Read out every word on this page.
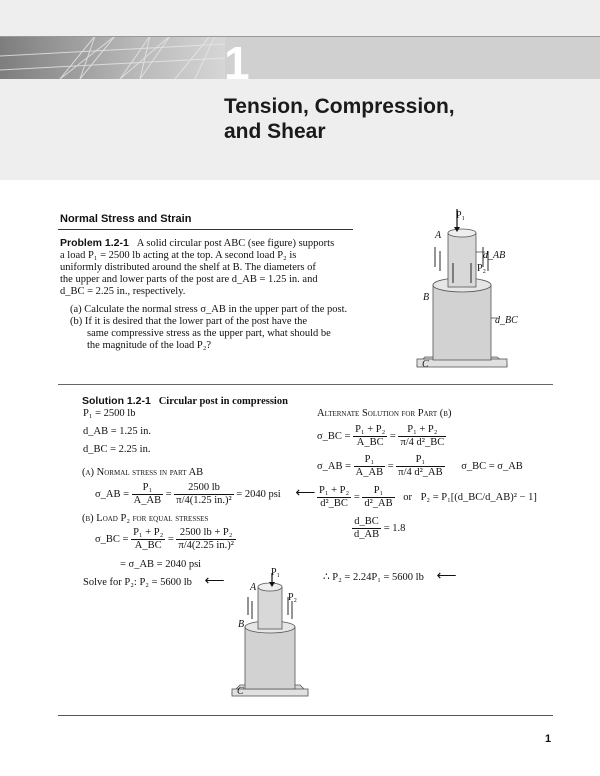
1
Tension, Compression,
and Shear
Normal Stress and Strain
Problem 1.2-1 A solid circular post ABC (see figure) supports
a load P₁ = 2500 lb acting at the top. A second load P₂ is
uniformly distributed around the shelf at B. The diameters of
the upper and lower parts of the post are d_AB = 1.25 in. and
d_BC = 2.25 in., respectively.
(a) Calculate the normal stress σ_AB in the upper part of the post.
(b) If it is desired that the lower part of the post have the
same compressive stress as the upper part, what should be
the magnitude of the load P₂?
P₁
A
d_AB
P₂
B
d_BC
C
Solution 1.2-1 Circular post in compression
P₁ = 2500 lb
d_AB = 1.25 in.
d_BC = 2.25 in.
(a) Normal stress in part AB
σ_AB = $\frac{\text{P₁}}{A\_AB} = \frac{2500 lb}{\text{π/4(1.25 in.)²}} = 2040$ psi ⟵
(b) Load P₂ for equal stresses
σ_BC = $\frac{\text{P₁ + P₂}}{A\_BC} = \frac{\text{2500 lb + P₂}}{\text{π/4(2.25 in.)²}}$
= σ_AB = 2040 psi
Solve for P₂: P₂ = 5600 lb ⟵
Alternate Solution for Part (b)
σ_BC = $\frac{\text{P₁ + P₂}}{A\_BC} = \frac{\text{P₁ + P₂}}{\text{π/4 d²\_BC}}$
σ_AB = $\frac{\text{P₁}}{A\_AB} = \frac{\text{P₁}}{\text{π/4 d²\_AB}}$ σ_BC = σ_AB
$\frac{\text{P₁ + P₂}}{\text{d²\_BC}} = \frac{\text{P₁}}{\text{d²\_AB}}$ or P₂ = P₁[(d_BC/d_AB)² − 1]
$\frac{d\_BC}{d\_AB} = 1.8$
∴ P₂ = 2.24P₁ = 5600 lb ⟵
P₁
A
P₂
B
C
1
